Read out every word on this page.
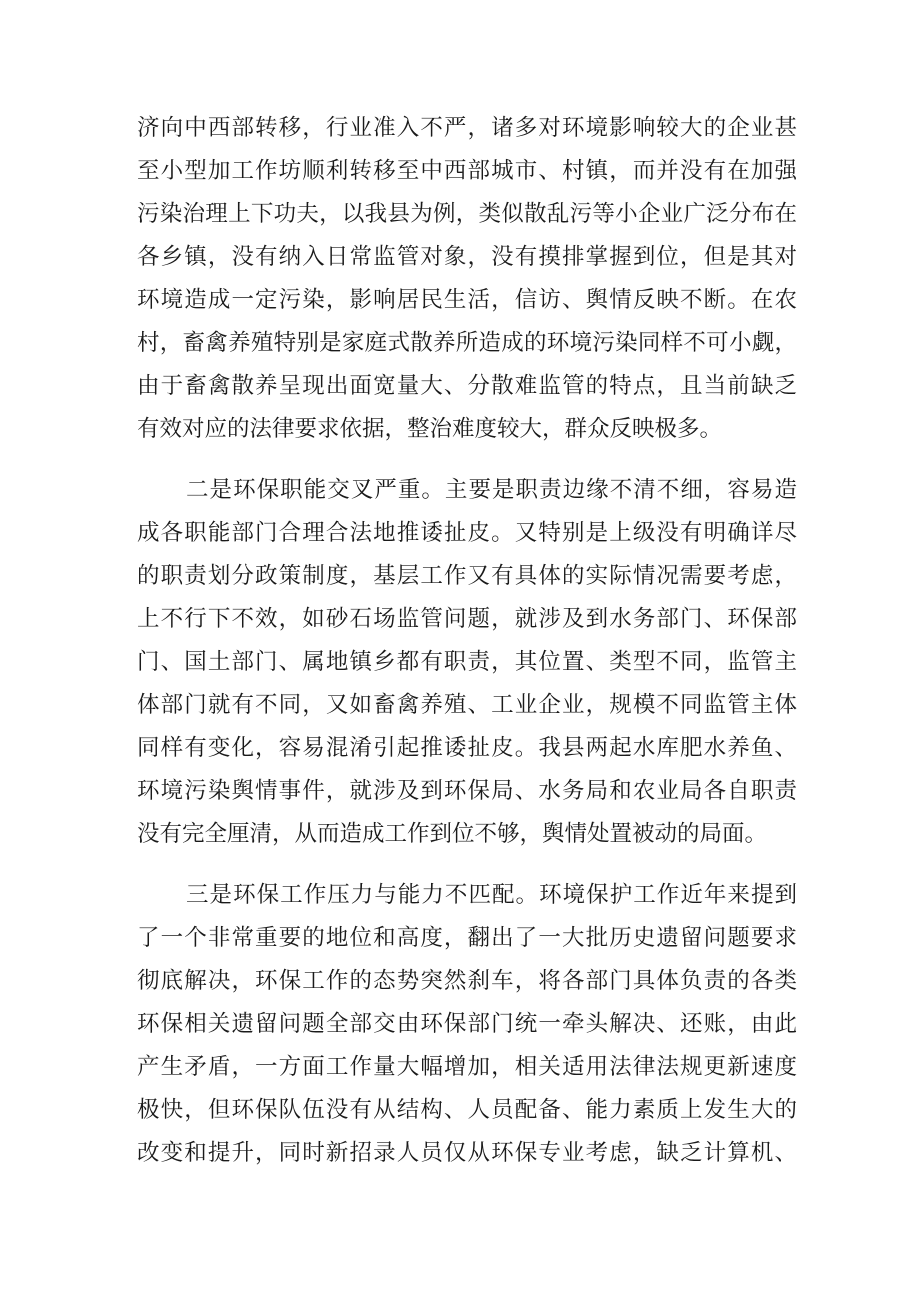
济向中西部转移，行业准入不严，诸多对环境影响较大的企业甚

至小型加工作坊顺利转移至中西部城市、村镇，而并没有在加强

污染治理上下功夫，以我县为例，类似散乱污等小企业广泛分布在

各乡镇，没有纳入日常监管对象，没有摸排掌握到位，但是其对

环境造成一定污染，影响居民生活，信访、舆情反映不断。在农

村，畜禽养殖特别是家庭式散养所造成的环境污染同样不可小觑，

由于畜禽散养呈现出面宽量大、分散难监管的特点，且当前缺乏

有效对应的法律要求依据，整治难度较大，群众反映极多。

二是环保职能交叉严重。主要是职责边缘不清不细，容易造

成各职能部门合理合法地推诿扯皮。又特别是上级没有明确详尽

的职责划分政策制度，基层工作又有具体的实际情况需要考虑，

上不行下不效，如砂石场监管问题，就涉及到水务部门、环保部

门、国土部门、属地镇乡都有职责，其位置、类型不同，监管主

体部门就有不同，又如畜禽养殖、工业企业，规模不同监管主体

同样有变化，容易混淆引起推诿扯皮。我县两起水库肥水养鱼、

环境污染舆情事件，就涉及到环保局、水务局和农业局各自职责

没有完全厘清，从而造成工作到位不够，舆情处置被动的局面。

三是环保工作压力与能力不匹配。环境保护工作近年来提到

了一个非常重要的地位和高度，翻出了一大批历史遗留问题要求

彻底解决，环保工作的态势突然刹车，将各部门具体负责的各类

环保相关遗留问题全部交由环保部门统一牵头解决、还账，由此

产生矛盾，一方面工作量大幅增加，相关适用法律法规更新速度

极快，但环保队伍没有从结构、人员配备、能力素质上发生大的

改变和提升，同时新招录人员仅从环保专业考虑，缺乏计算机、
